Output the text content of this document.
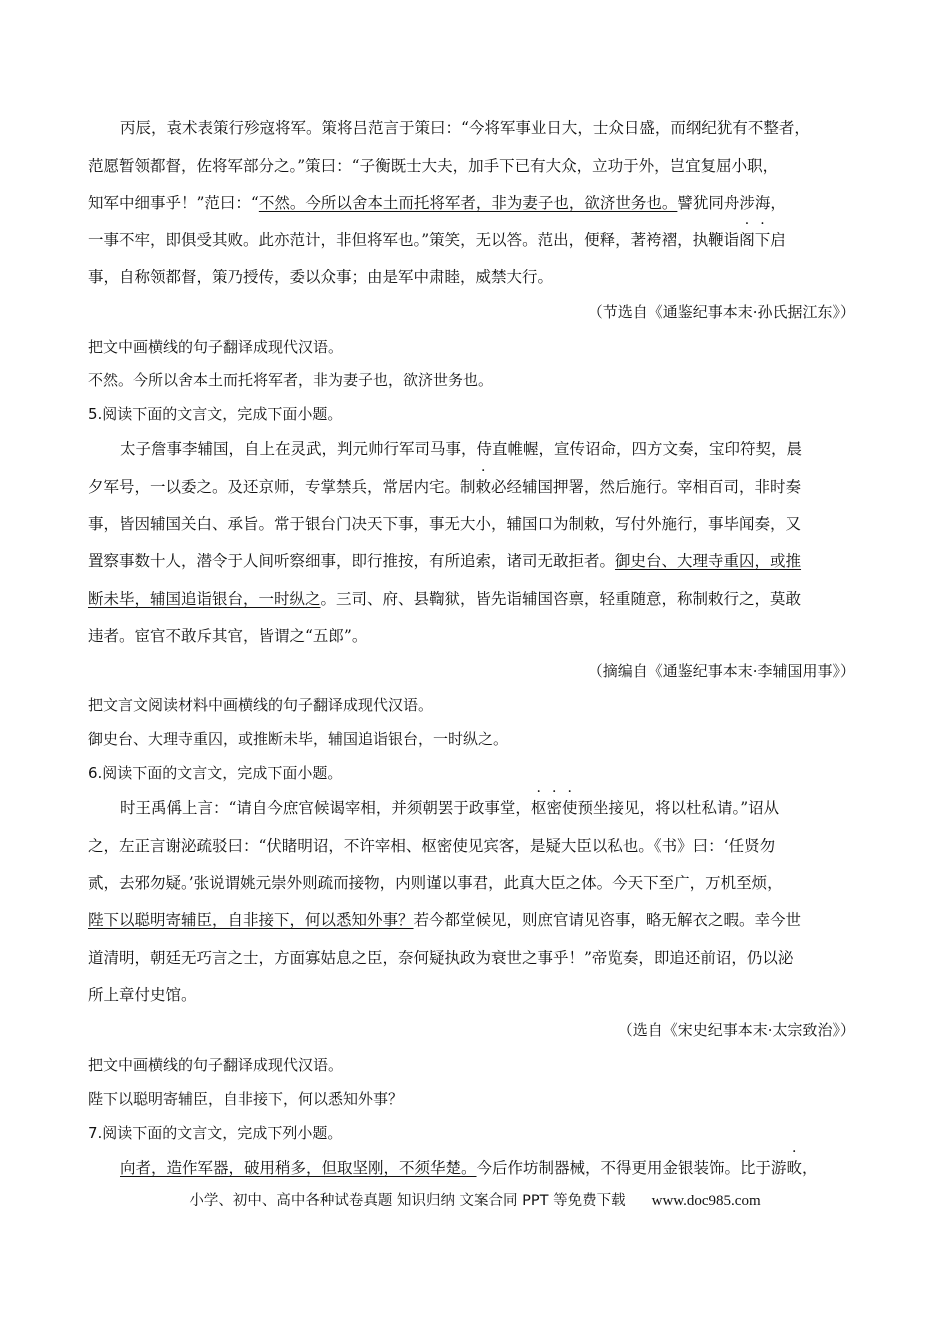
丙辰，袁术表策行殄寇将军。策将吕范言于策曰：“今将军事业日大，士众日盛，而纲纪犹有不整者，
范愿暂领都督，佐将军部分之。”策曰：“子衡既士大夫，加手下已有大众，立功于外，岂宜复屈小职，
知军中细事乎！”范曰：“不然。今所以舍本土而托将军者，非为妻子也，欲济世务也。譬犹同舟涉海，
一事不牢，即俱受其败。此亦范计，非但将军也。”策笑，无以答。范出，便释，著袴褶，执鞭诣阁下启
事，自称领都督，策乃授传，委以众事；由是军中肃睦，威禁大行。
（节选自《通鉴纪事本末·孙氏据江东》）
把文中画横线的句子翻译成现代汉语。
不然。今所以舍本土而托将军者，非为妻子也，欲济世务也。
5.阅读下面的文言文，完成下面小题。
太子詹事李辅国，自上在灵武，判元帅行军司马事，侍直帷幄，宣传诏命，四方文奏，宝印符契，晨
夕军号，一以委之。及还京师，专掌禁兵，常居内宅。制敕必经辅国押署，然后施行。宰相百司，非时奏
事，皆因辅国关白、承旨。常于银台门决天下事，事无大小，辅国口为制敕，写付外施行，事毕闻奏，又
置察事数十人，潜令于人间听察细事，即行推按，有所追索，诸司无敢拒者。御史台、大理寺重囚，或推
断未毕，辅国追诣银台，一时纵之。三司、府、县鞫狱，皆先诣辅国咨禀，轻重随意，称制敕行之，莫敢
违者。宦官不敢斥其官，皆谓之“五郎”。
（摘编自《通鉴纪事本末·李辅国用事》）
把文言文阅读材料中画横线的句子翻译成现代汉语。
御史台、大理寺重囚，或推断未毕，辅国追诣银台，一时纵之。
6.阅读下面的文言文，完成下面小题。
时王禹偁上言：“请自今庶官候谒宰相，并须朝罢于政事堂，枢密使预坐接见，将以杜私请。”诏从
之，左正言谢泌疏驳曰：“伏睹明诏，不许宰相、枢密使见宾客，是疑大臣以私也。《书》曰：‘任贤勿
贰，去邪勿疑。’张说谓姚元崇外则疏而接物，内则谨以事君，此真大臣之体。今天下至广，万机至烦，
陛下以聪明寄辅臣，自非接下，何以悉知外事？若今都堂候见，则庶官请见咨事，略无解衣之暇。幸今世
道清明，朝廷无巧言之士，方面寡姑息之臣，奈何疑执政为衰世之事乎！”帝览奏，即追还前诏，仍以泌
所上章付史馆。
（选自《宋史纪事本末·太宗致治》）
把文中画横线的句子翻译成现代汉语。
陛下以聪明寄辅臣，自非接下，何以悉知外事？
7.阅读下面的文言文，完成下列小题。
向者，造作军器，破用稍多，但取坚刚，不须华楚。今后作坊制器械，不得更用金银装饰。比于游畋，
小学、初中、高中各种试卷真题 知识归纳 文案合同 PPT 等免费下载 www.doc985.com
